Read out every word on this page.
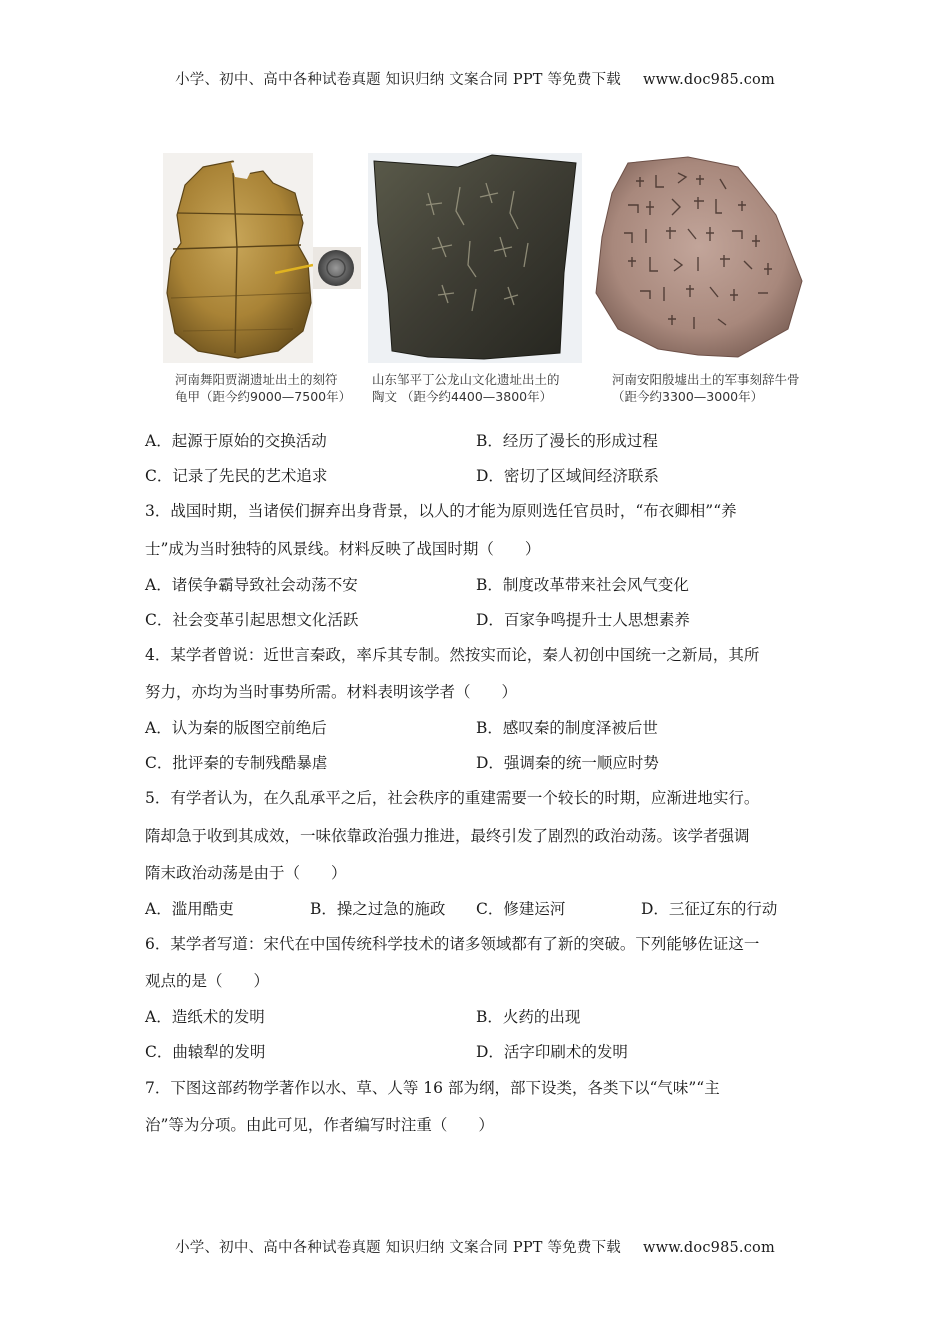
小学、初中、高中各种试卷真题 知识归纳 文案合同 PPT 等免费下载 www.doc985.com
河南舞阳贾湖遗址出土的刻符
龟甲（距今约9000—7500年）
山东邹平丁公龙山文化遗址出土的
陶文 （距今约4400—3800年）
河南安阳殷墟出土的军事刻辞牛骨
（距今约3300—3000年）
A．起源于原始的交换活动	B．经历了漫长的形成过程
C．记录了先民的艺术追求	D．密切了区域间经济联系
3．战国时期，当诸侯们摒弃出身背景，以人的才能为原则选任官员时，“布衣卿相”“养
士”成为当时独特的风景线。材料反映了战国时期（　　）
A．诸侯争霸导致社会动荡不安	B．制度改革带来社会风气变化
C．社会变革引起思想文化活跃	D．百家争鸣提升士人思想素养
4．某学者曾说：近世言秦政，率斥其专制。然按实而论，秦人初创中国统一之新局，其所
努力，亦均为当时事势所需。材料表明该学者（　　）
A．认为秦的版图空前绝后	B．感叹秦的制度泽被后世
C．批评秦的专制残酷暴虐	D．强调秦的统一顺应时势
5．有学者认为，在久乱承平之后，社会秩序的重建需要一个较长的时期，应渐进地实行。
隋却急于收到其成效，一味依靠政治强力推进，最终引发了剧烈的政治动荡。该学者强调
隋末政治动荡是由于（　　）
A．滥用酷吏	B．操之过急的施政 C．修建运河	D．三征辽东的行动
6．某学者写道：宋代在中国传统科学技术的诸多领域都有了新的突破。下列能够佐证这一
观点的是（　　）
A．造纸术的发明	B．火药的出现
C．曲辕犁的发明	D．活字印刷术的发明
7．下图这部药物学著作以水、草、人等 16 部为纲，部下设类，各类下以“气味”“主
治”等为分项。由此可见，作者编写时注重（　　）
小学、初中、高中各种试卷真题 知识归纳 文案合同 PPT 等免费下载 www.doc985.com
